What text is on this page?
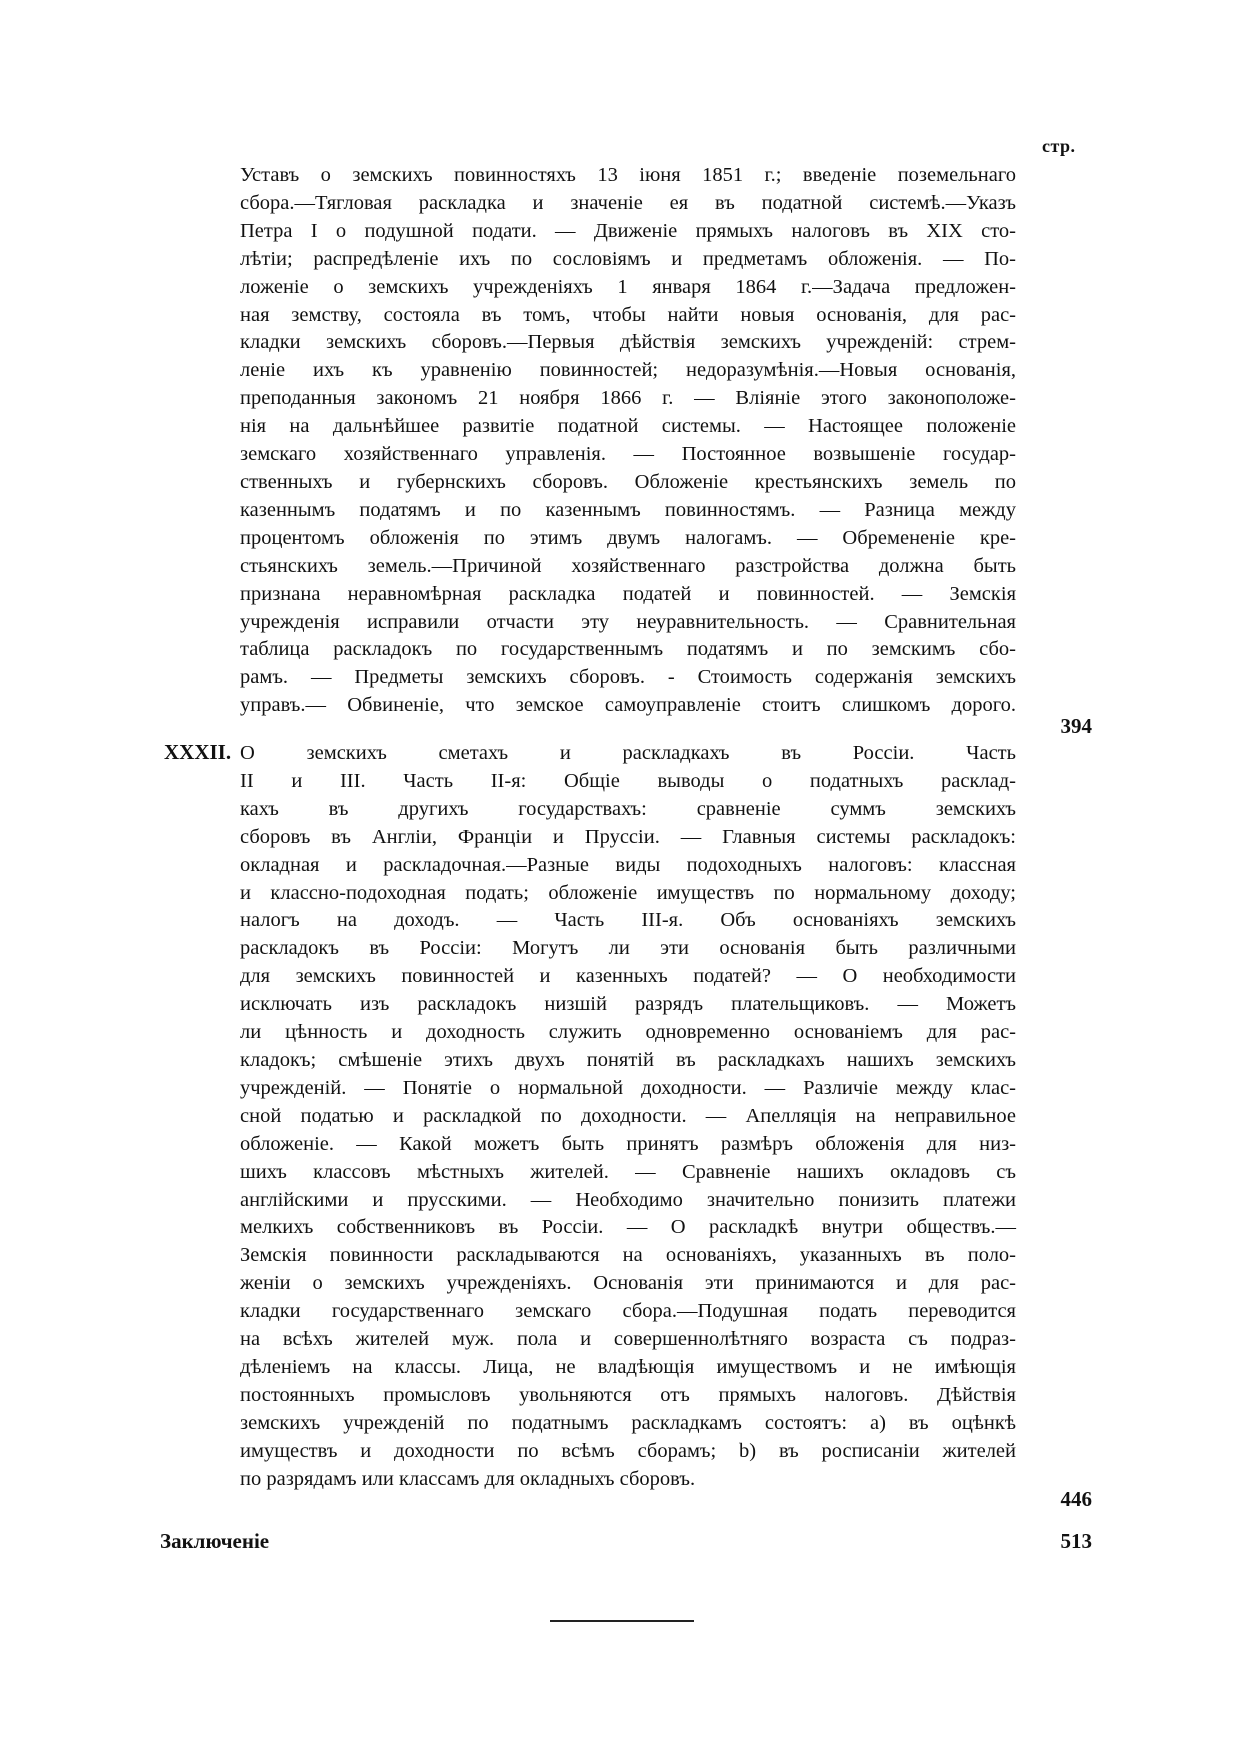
стр.
Уставъ о земскихъ повинностяхъ 13 іюня 1851 г.; введеніе поземельнаго
сбора.—Тягловая раскладка и значеніе ея въ податной системѣ.—Указъ
Петра I о подушной подати. — Движеніе прямыхъ налоговъ въ XIX сто-
лѣтіи; распредѣленіе ихъ по сословіямъ и предметамъ обложенія. — По-
ложеніе о земскихъ учрежденіяхъ 1 января 1864 г.—Задача предложен-
ная земству, состояла въ томъ, чтобы найти новыя основанія, для рас-
кладки земскихъ сборовъ.—Первыя дѣйствія земскихъ учрежденій: стрем-
леніе ихъ къ уравненію повинностей; недоразумѣнія.—Новыя основанія,
преподанныя закономъ 21 ноября 1866 г. — Вліяніе этого законоположе-
нія на дальнѣйшее развитіе податной системы. — Настоящее положеніе
земскаго хозяйственнаго управленія. — Постоянное возвышеніе государ-
ственныхъ и губернскихъ сборовъ. Обложеніе крестьянскихъ земель по
казеннымъ податямъ и по казеннымъ повинностямъ. — Разница между
процентомъ обложенія по этимъ двумъ налогамъ. — Обремененіе кре-
стьянскихъ земель.—Причиной хозяйственнаго разстройства должна быть
признана неравномѣрная раскладка податей и повинностей. — Земскія
учрежденія исправили отчасти эту неуравнительность. — Сравнительная
таблица раскладокъ по государственнымъ податямъ и по земскимъ сбо-
рамъ. — Предметы земскихъ сборовъ. - Стоимость содержанія земскихъ
управъ.— Обвиненіе, что земское самоуправленіе стоитъ слишкомъ дорого.
394
XXXII. О земскихъ сметахъ и раскладкахъ въ Россіи. Часть
II и III. Часть II-я: Общіе выводы о податныхъ расклад-
кахъ въ другихъ государствахъ: сравненіе суммъ земскихъ
сборовъ въ Англіи, Франціи и Пруссіи. — Главныя системы раскладокъ:
окладная и раскладочная.—Разные виды подоходныхъ налоговъ: классная
и классно-подоходная подать; обложеніе имуществъ по нормальному доходу;
налогъ на доходъ. — Часть III-я. Объ основаніяхъ земскихъ
раскладокъ въ Россіи: Могутъ ли эти основанія быть различными
для земскихъ повинностей и казенныхъ податей? — О необходимости
исключать изъ раскладокъ низшій разрядъ плательщиковъ. — Можетъ
ли цѣнность и доходность служить одновременно основаніемъ для рас-
кладокъ; смѣшеніе этихъ двухъ понятій въ раскладкахъ нашихъ земскихъ
учрежденій. — Понятіе о нормальной доходности. — Различіе между клас-
сной податью и раскладкой по доходности. — Апелляція на неправильное
обложеніе. — Какой можетъ быть принятъ размѣръ обложенія для низ-
шихъ классовъ мѣстныхъ жителей. — Сравненіе нашихъ окладовъ съ
англійскими и прусскими. — Необходимо значительно понизить платежи
мелкихъ собственниковъ въ Россіи. — О раскладкѣ внутри обществъ.—
Земскія повинности раскладываются на основаніяхъ, указанныхъ въ поло-
женіи о земскихъ учрежденіяхъ. Основанія эти принимаются и для рас-
кладки государственнаго земскаго сбора.—Подушная подать переводится
на всѣхъ жителей муж. пола и совершеннолѣтняго возраста съ подраз-
дѣленіемъ на классы. Лица, не владѣющія имуществомъ и не имѣющія
постоянныхъ промысловъ увольняются отъ прямыхъ налоговъ. Дѣйствія
земскихъ учрежденій по податнымъ раскладкамъ состоятъ: а) въ оцѣнкѣ
имуществъ и доходности по всѣмъ сборамъ; b) въ росписаніи жителей
по разрядамъ или классамъ для окладныхъ сборовъ.
446
Заключеніе	513
